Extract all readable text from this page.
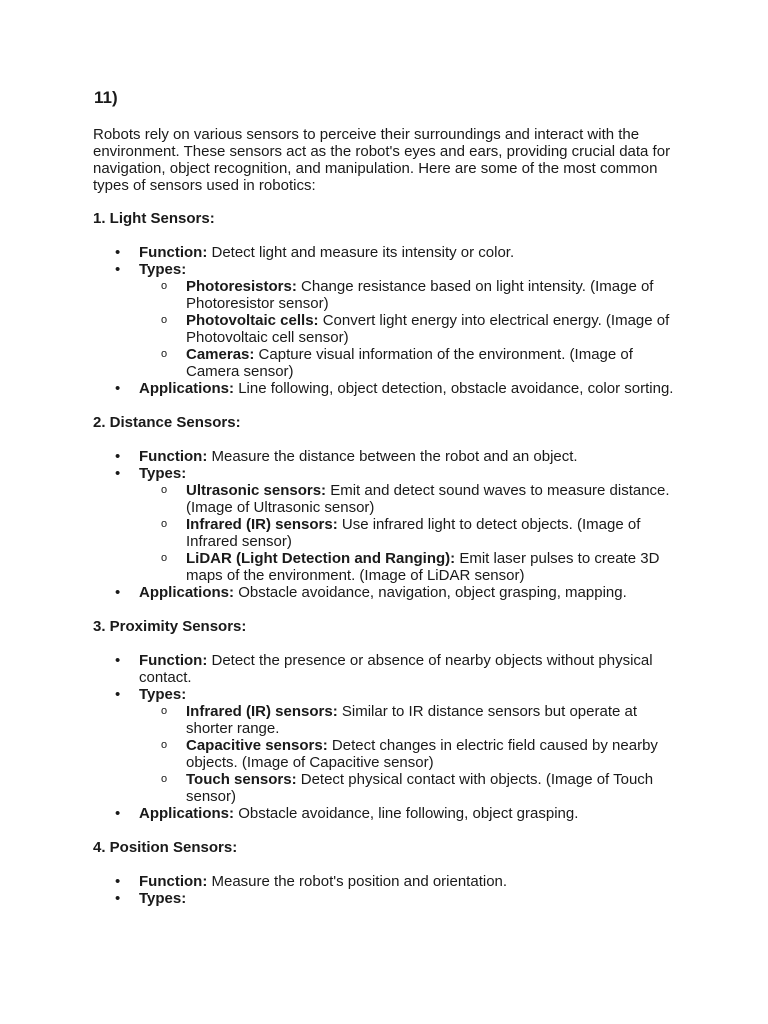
11)

Robots rely on various sensors to perceive their surroundings and interact with the environment. These sensors act as the robot's eyes and ears, providing crucial data for navigation, object recognition, and manipulation. Here are some of the most common types of sensors used in robotics:

1. Light Sensors:
• Function: Detect light and measure its intensity or color.
• Types:
o Photoresistors: Change resistance based on light intensity. (Image of Photoresistor sensor)
o Photovoltaic cells: Convert light energy into electrical energy. (Image of Photovoltaic cell sensor)
o Cameras: Capture visual information of the environment. (Image of Camera sensor)
• Applications: Line following, object detection, obstacle avoidance, color sorting.
2. Distance Sensors:
• Function: Measure the distance between the robot and an object.
• Types:
o Ultrasonic sensors: Emit and detect sound waves to measure distance. (Image of Ultrasonic sensor)
o Infrared (IR) sensors: Use infrared light to detect objects. (Image of Infrared sensor)
o LiDAR (Light Detection and Ranging): Emit laser pulses to create 3D maps of the environment. (Image of LiDAR sensor)
• Applications: Obstacle avoidance, navigation, object grasping, mapping.
3. Proximity Sensors:
• Function: Detect the presence or absence of nearby objects without physical contact.
• Types:
o Infrared (IR) sensors: Similar to IR distance sensors but operate at shorter range.
o Capacitive sensors: Detect changes in electric field caused by nearby objects. (Image of Capacitive sensor)
o Touch sensors: Detect physical contact with objects. (Image of Touch sensor)
• Applications: Obstacle avoidance, line following, object grasping.
4. Position Sensors:
• Function: Measure the robot's position and orientation.
• Types:
